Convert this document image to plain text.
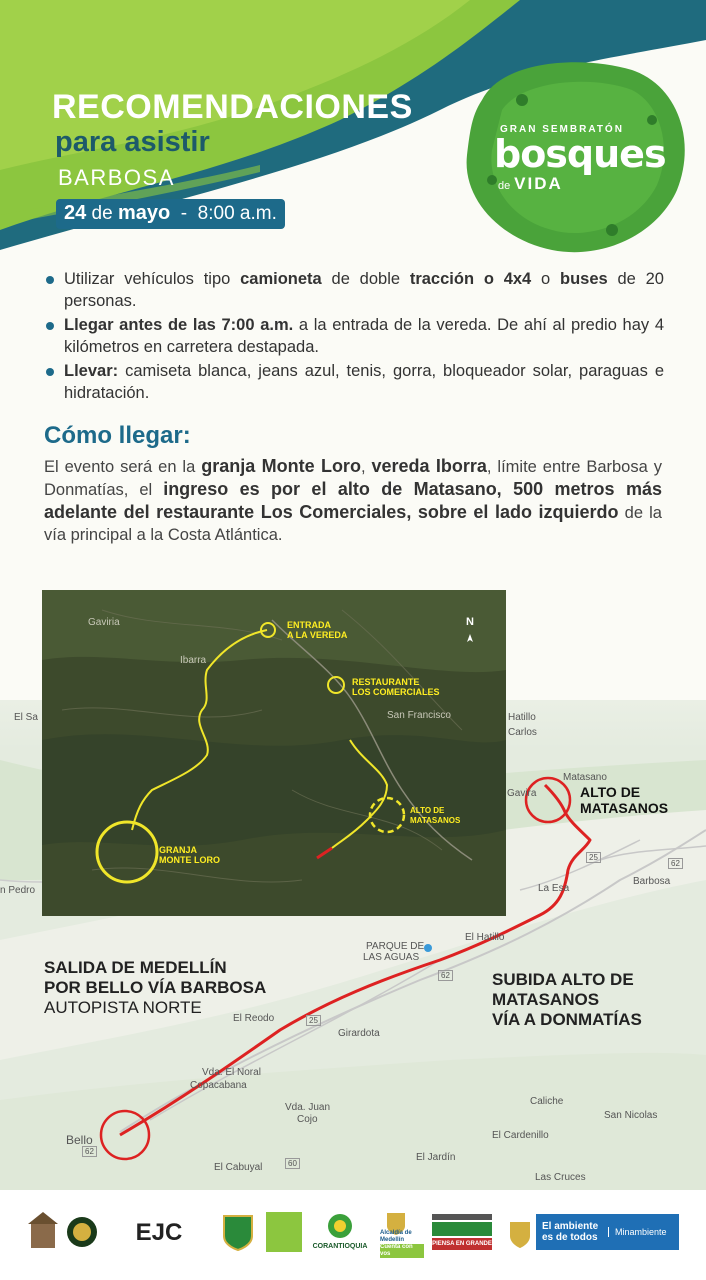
GRAN SEMBRATÓN
bosques
de VIDA
RECOMENDACIONES
para asistir
BARBOSA
24 de mayo - 8:00 a.m.
Utilizar vehículos tipo camioneta de doble tracción o 4x4 o buses de 20 personas.
Llegar antes de las 7:00 a.m. a la entrada de la vereda. De ahí al predio hay 4 kilómetros en carretera destapada.
Llevar: camiseta blanca, jeans azul, tenis, gorra, bloqueador solar, paraguas e hidratación.
Cómo llegar:
El evento será en la granja Monte Loro, vereda Iborra, límite entre Barbosa y Donmatías, el ingreso es por el alto de Matasano, 500 metros más adelante del restaurante Los Comerciales, sobre el lado izquierdo de la vía principal a la Costa Atlántica.
Matasano
Gavira
Barbosa
La Esa
El Hatillo
PARQUE DE
LAS AGUAS
El Reodo
Girardota
Vda. El Noral
Copacabana
Vda. Juan
Cojo
Caliche
San Nicolas
El Cardenillo
El Jardín
El Cabuyal
Bello
Las Cruces
Carlos
n Pedro
El Sa	Hatillo
62
25
62
25
62
60
Gaviria
Ibarra
San Francisco
N
ENTRADA
A LA VEREDA
RESTAURANTE
LOS COMERCIALES
ALTO DE
MATASANOS
GRANJA
MONTE LORO
ALTO DE
MATASANOS
SALIDA DE MEDELLÍN
POR BELLO VÍA BARBOSA
AUTOPISTA NORTE
SUBIDA ALTO DE
MATASANOS
VÍA A DONMATÍAS
EJC	CORANTIOQUIA
Alcaldía de Medellín
Cuenta con vos
PIENSA EN GRANDE
El ambiente es de todos	Minambiente
